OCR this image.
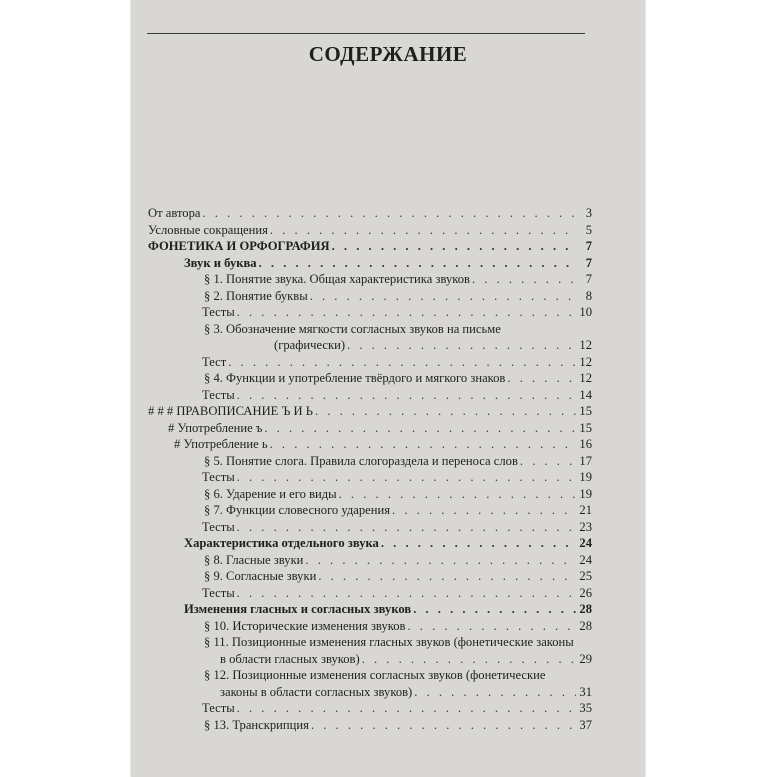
СОДЕРЖАНИЕ
От автора . . .	3
Условные сокращения . . .	5
ФОНЕТИКА И ОРФОГРАФИЯ . . .	7
Звук и буква . . .	7
§ 1. Понятие звука. Общая характеристика звуков . . .	7
§ 2. Понятие буквы . . .	8
Тесты . . .	10
§ 3. Обозначение мягкости согласных звуков на письме
(графически) . . .	12
Тест . . .	12
§ 4. Функции и употребление твёрдого и мягкого знаков . . .	12
Тесты . . .	14
# # # ПРАВОПИСАНИЕ Ъ И Ь . . .	15
# Употребление ъ . . .	15
# Употребление ь . . .	16
§ 5. Понятие слога. Правила слогораздела и переноса слов . . .	17
Тесты . . .	19
§ 6. Ударение и его виды . . .	19
§ 7. Функции словесного ударения . . .	21
Тесты . . .	23
Характеристика отдельного звука . . .	24
§ 8. Гласные звуки . . .	24
§ 9. Согласные звуки . . .	25
Тесты . . .	26
Изменения гласных и согласных звуков . . .	28
§ 10. Исторические изменения звуков . . .	28
§ 11. Позиционные изменения гласных звуков (фонетические законы
в области гласных звуков) . . .	29
§ 12. Позиционные изменения согласных звуков (фонетические
законы в области согласных звуков) . . .	31
Тесты . . .	35
§ 13. Транскрипция . . .	37
